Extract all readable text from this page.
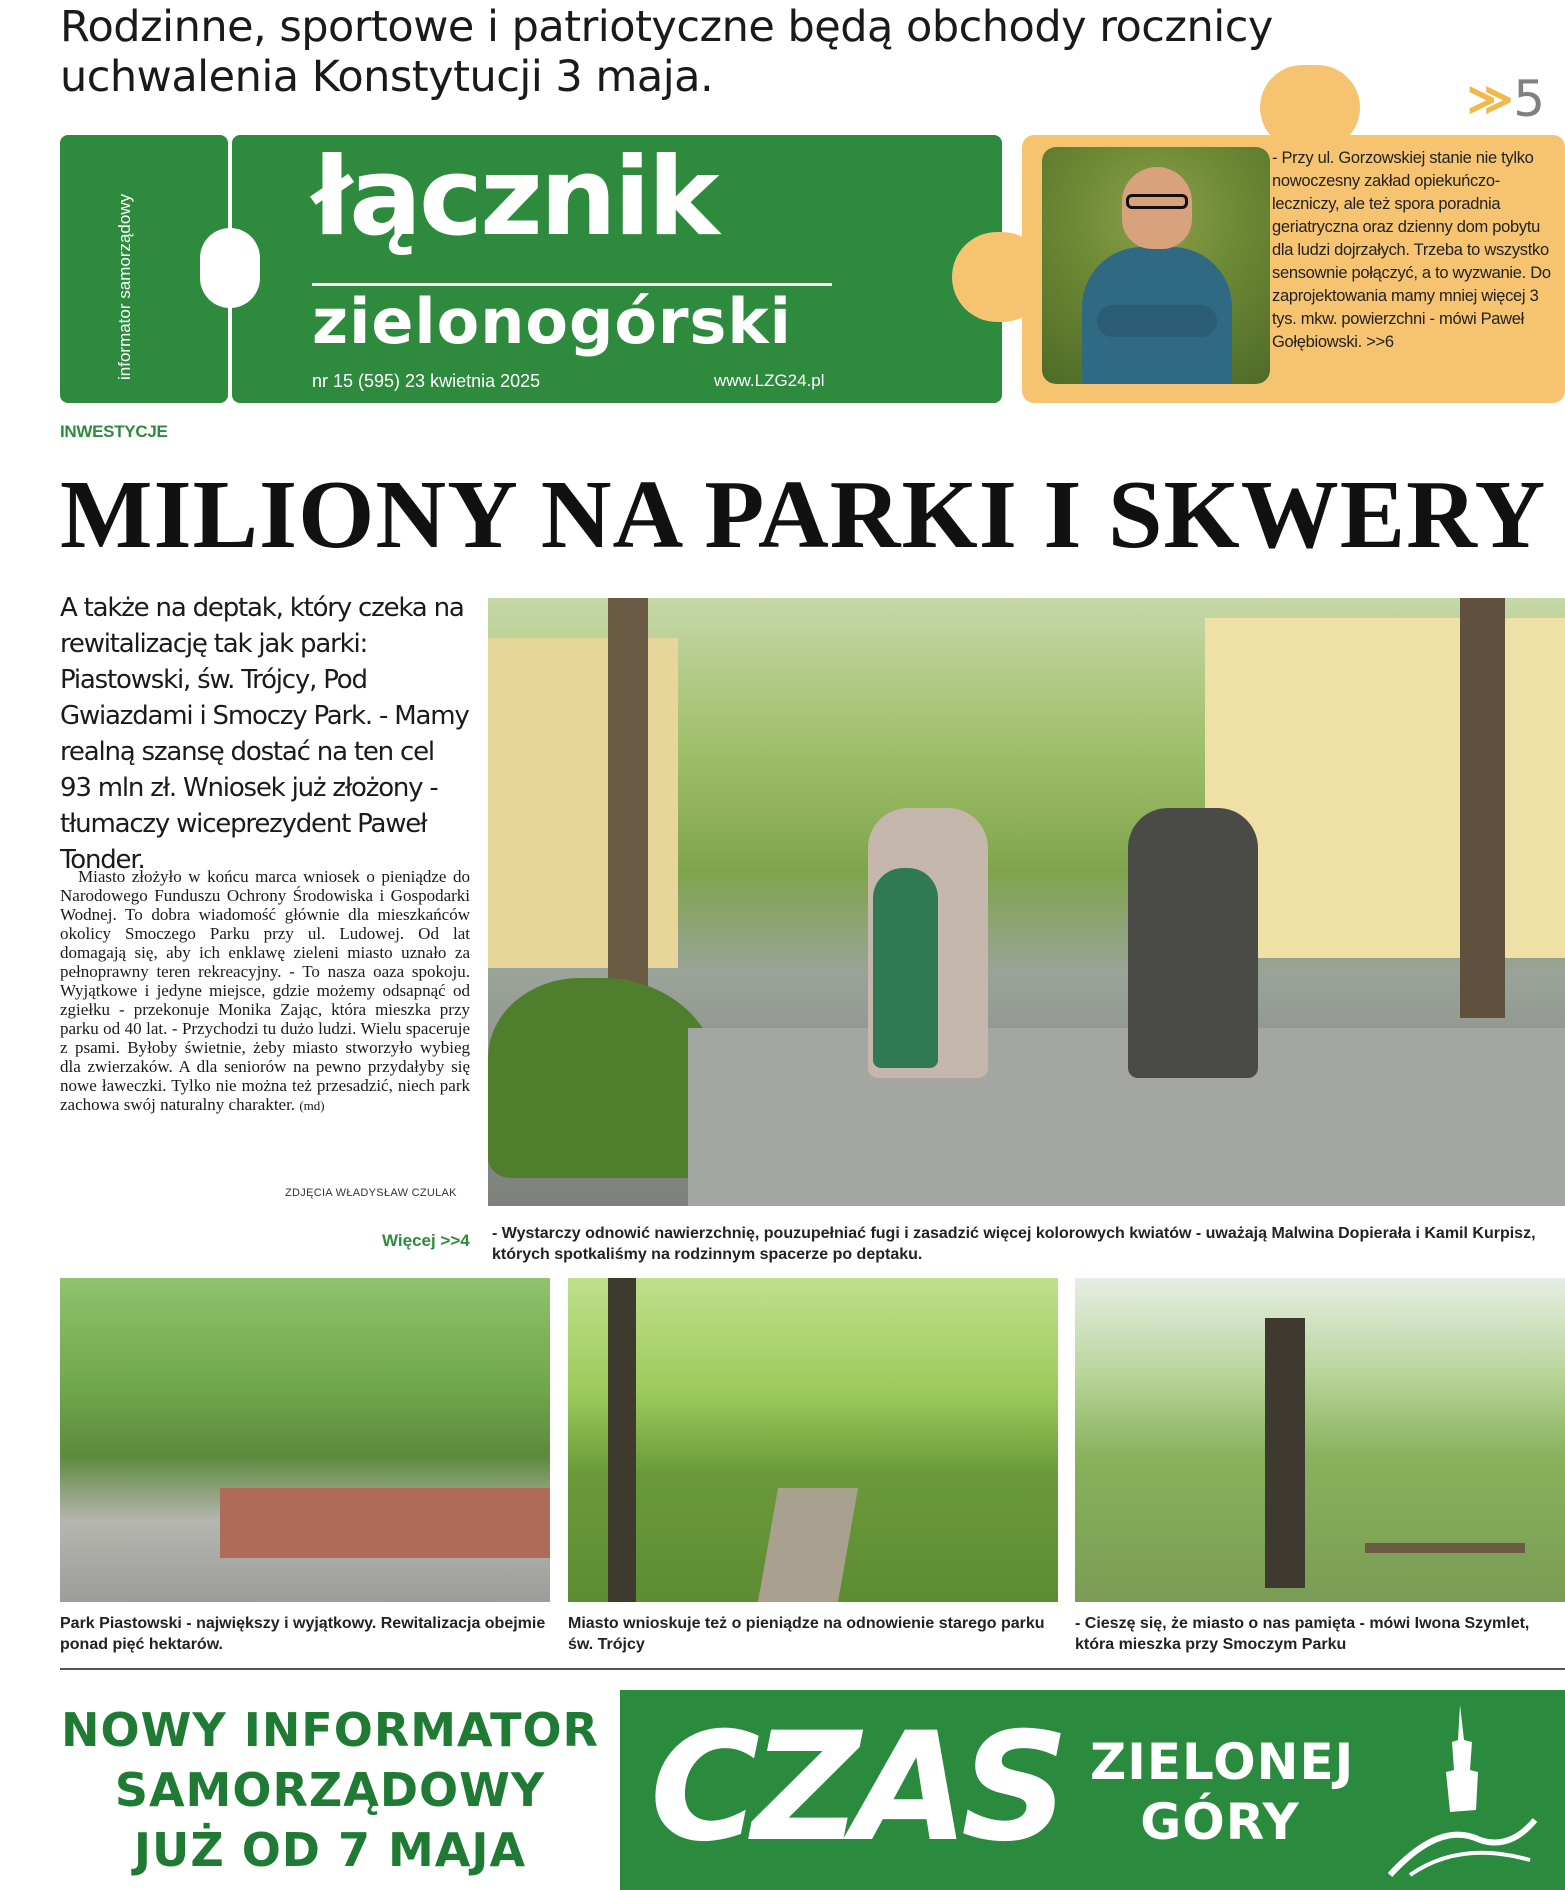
Rodzinne, sportowe i patriotyczne będą obchody rocznicy uchwalenia Konstytucji 3 maja.	≫ 5
informator samorządowy łącznik
zielonogórski
nr 15 (595) 23 kwietnia 2025	www.LZG24.pl
- Przy ul. Gorzowskiej stanie nie tylko nowoczesny zakład opiekuńczo- leczniczy, ale też spora poradnia geriatryczna oraz dzienny dom pobytu dla ludzi dojrzałych. Trzeba to wszystko sensownie połączyć, a to wyzwanie. Do zaprojektowania mamy mniej więcej 3 tys. mkw. powierzchni - mówi Paweł Gołębiowski. >>6
INWESTYCJE
MILIONY NA PARKI I SKWERY
A także na deptak, który czeka na rewitalizację tak jak parki: Piastowski, św. Trójcy, Pod Gwiazdami i Smoczy Park. - Mamy realną szansę dostać na ten cel 93 mln zł. Wniosek już złożony - tłumaczy wiceprezydent Paweł Tonder.
Miasto złożyło w końcu marca wniosek o pieniądze do Narodowego Funduszu Ochrony Środowiska i Gospodarki Wodnej. To dobra wiadomość głównie dla mieszkańców okolicy Smoczego Parku przy ul. Ludowej. Od lat domagają się, aby ich enklawę zieleni miasto uznało za pełnoprawny teren rekreacyjny. - To nasza oaza spokoju. Wyjątkowe i jedyne miejsce, gdzie możemy odsapnąć od zgiełku - przekonuje Monika Zając, która mieszka przy parku od 40 lat. - Przychodzi tu dużo ludzi. Wielu spaceruje z psami. Byłoby świetnie, żeby miasto stworzyło wybieg dla zwierzaków. A dla seniorów na pewno przydałyby się nowe ławeczki. Tylko nie można też przesadzić, niech park zachowa swój naturalny charakter. (md)
ZDJĘCIA WŁADYSŁAW CZULAK
Więcej >>4 - Wystarczy odnowić nawierzchnię, pouzupełniać fugi i zasadzić więcej kolorowych kwiatów - uważają Malwina Dopierała i Kamil Kurpisz, których spotkaliśmy na rodzinnym spacerze po deptaku.
Park Piastowski - największy i wyjątkowy. Rewitalizacja obejmie ponad pięć hektarów.
Miasto wnioskuje też o pieniądze na odnowienie starego parku św. Trójcy
- Cieszę się, że miasto o nas pamięta - mówi Iwona Szymlet, która mieszka przy Smoczym Parku
NOWY INFORMATOR
SAMORZĄDOWY
JUŻ OD 7 MAJA CZAS ZIELONEJ
GÓRY
